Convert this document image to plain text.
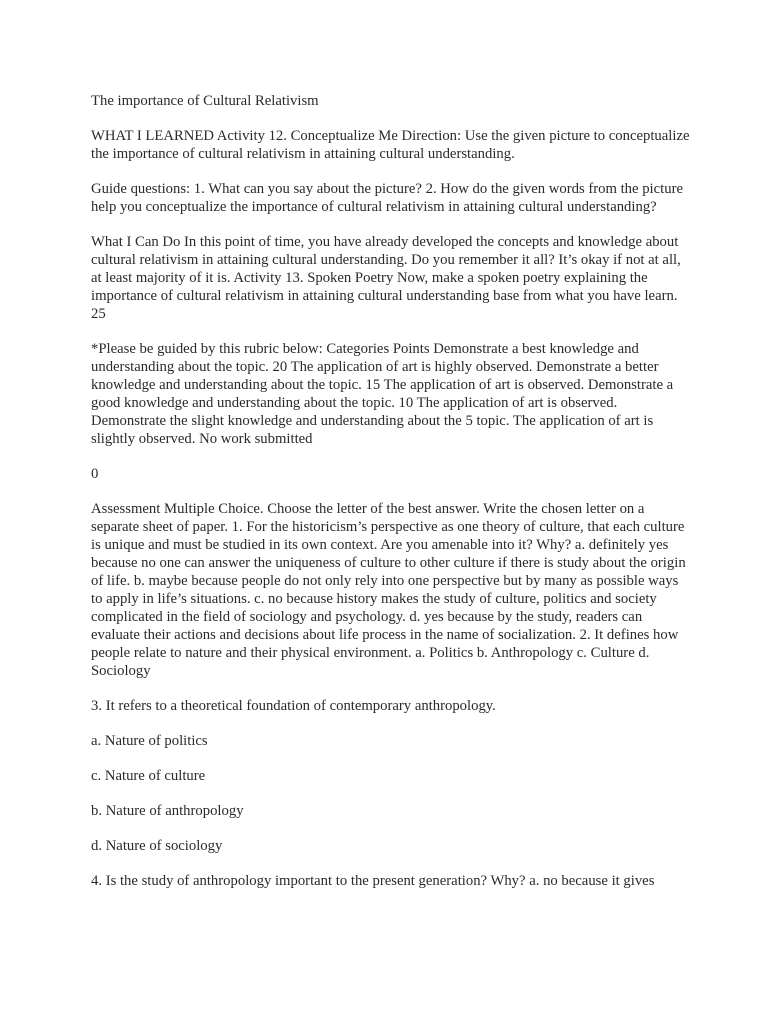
The importance of Cultural Relativism

WHAT I LEARNED Activity 12. Conceptualize Me Direction: Use the given picture to conceptualize the importance of cultural relativism in attaining cultural understanding.

Guide questions: 1. What can you say about the picture? 2. How do the given words from the picture help you conceptualize the importance of cultural relativism in attaining cultural understanding?

What I Can Do In this point of time, you have already developed the concepts and knowledge about cultural relativism in attaining cultural understanding. Do you remember it all? It’s okay if not at all, at least majority of it is. Activity 13. Spoken Poetry Now, make a spoken poetry explaining the importance of cultural relativism in attaining cultural understanding base from what you have learn. 25

*Please be guided by this rubric below: Categories Points Demonstrate a best knowledge and understanding about the topic. 20 The application of art is highly observed. Demonstrate a better knowledge and understanding about the topic. 15 The application of art is observed. Demonstrate a good knowledge and understanding about the topic. 10 The application of art is observed. Demonstrate the slight knowledge and understanding about the 5 topic. The application of art is slightly observed. No work submitted

0

Assessment Multiple Choice. Choose the letter of the best answer. Write the chosen letter on a separate sheet of paper. 1. For the historicism’s perspective as one theory of culture, that each culture is unique and must be studied in its own context. Are you amenable into it? Why? a. definitely yes because no one can answer the uniqueness of culture to other culture if there is study about the origin of life. b. maybe because people do not only rely into one perspective but by many as possible ways to apply in life’s situations. c. no because history makes the study of culture, politics and society complicated in the field of sociology and psychology. d. yes because by the study, readers can evaluate their actions and decisions about life process in the name of socialization. 2. It defines how people relate to nature and their physical environment. a. Politics b. Anthropology c. Culture d. Sociology

3. It refers to a theoretical foundation of contemporary anthropology.

a. Nature of politics

c. Nature of culture

b. Nature of anthropology

d. Nature of sociology

4. Is the study of anthropology important to the present generation? Why? a. no because it gives
